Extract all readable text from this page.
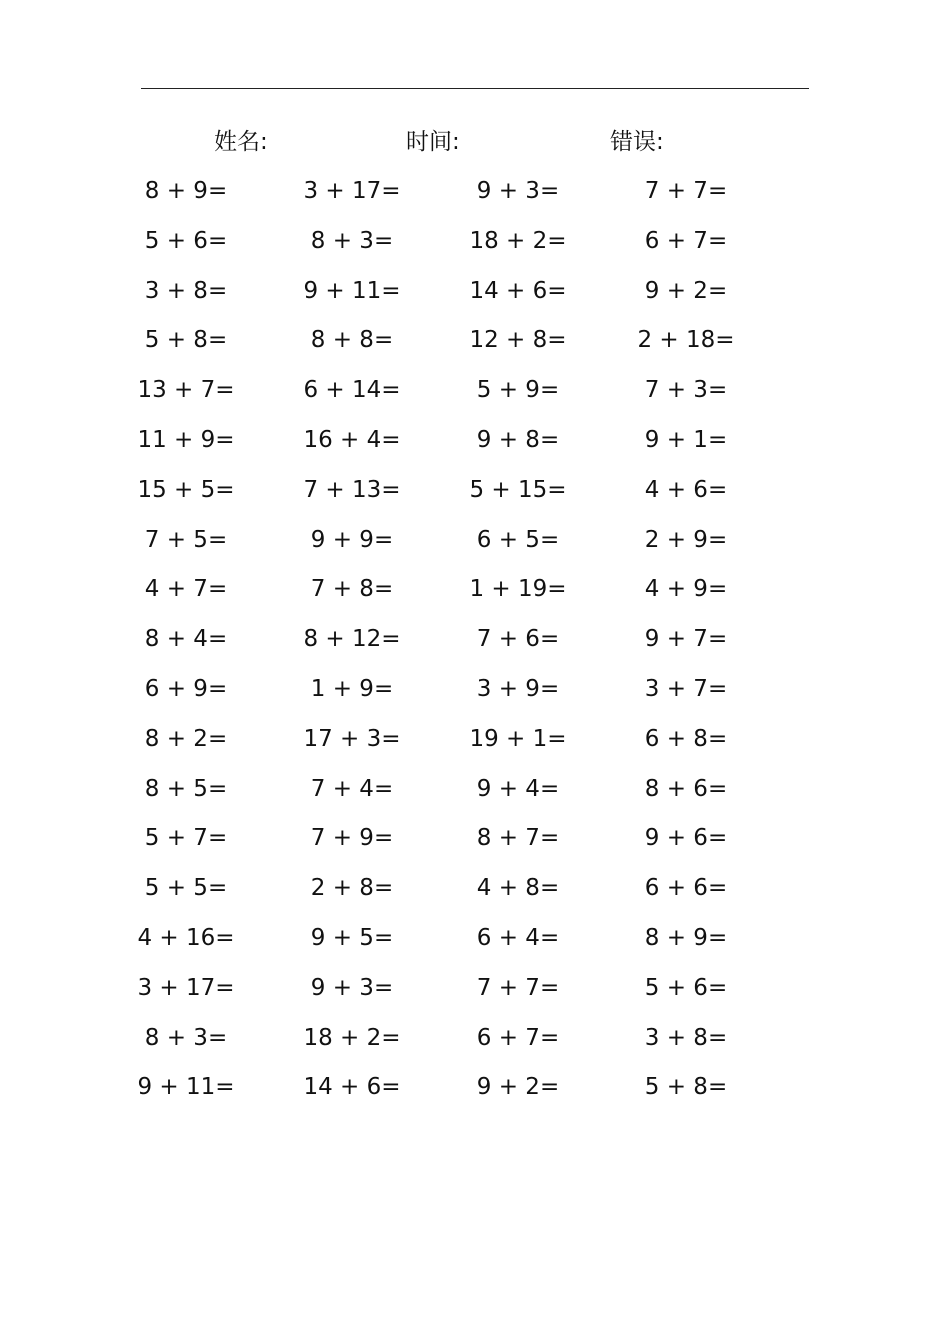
姓名:	时间:	错误:
8 + 9=	3 + 17=	9 + 3=	7 + 7=
5 + 6=	8 + 3=	18 + 2=	6 + 7=
3 + 8=	9 + 11=	14 + 6=	9 + 2=
5 + 8=	8 + 8=	12 + 8=	2 + 18=
13 + 7=	6 + 14=	5 + 9=	7 + 3=
11 + 9=	16 + 4=	9 + 8=	9 + 1=
15 + 5=	7 + 13=	5 + 15=	4 + 6=
7 + 5=	9 + 9=	6 + 5=	2 + 9=
4 + 7=	7 + 8=	1 + 19=	4 + 9=
8 + 4=	8 + 12=	7 + 6=	9 + 7=
6 + 9=	1 + 9=	3 + 9=	3 + 7=
8 + 2=	17 + 3=	19 + 1=	6 + 8=
8 + 5=	7 + 4=	9 + 4=	8 + 6=
5 + 7=	7 + 9=	8 + 7=	9 + 6=
5 + 5=	2 + 8=	4 + 8=	6 + 6=
4 + 16=	9 + 5=	6 + 4=	8 + 9=
3 + 17=	9 + 3=	7 + 7=	5 + 6=
8 + 3=	18 + 2=	6 + 7=	3 + 8=
9 + 11=	14 + 6=	9 + 2=	5 + 8=
